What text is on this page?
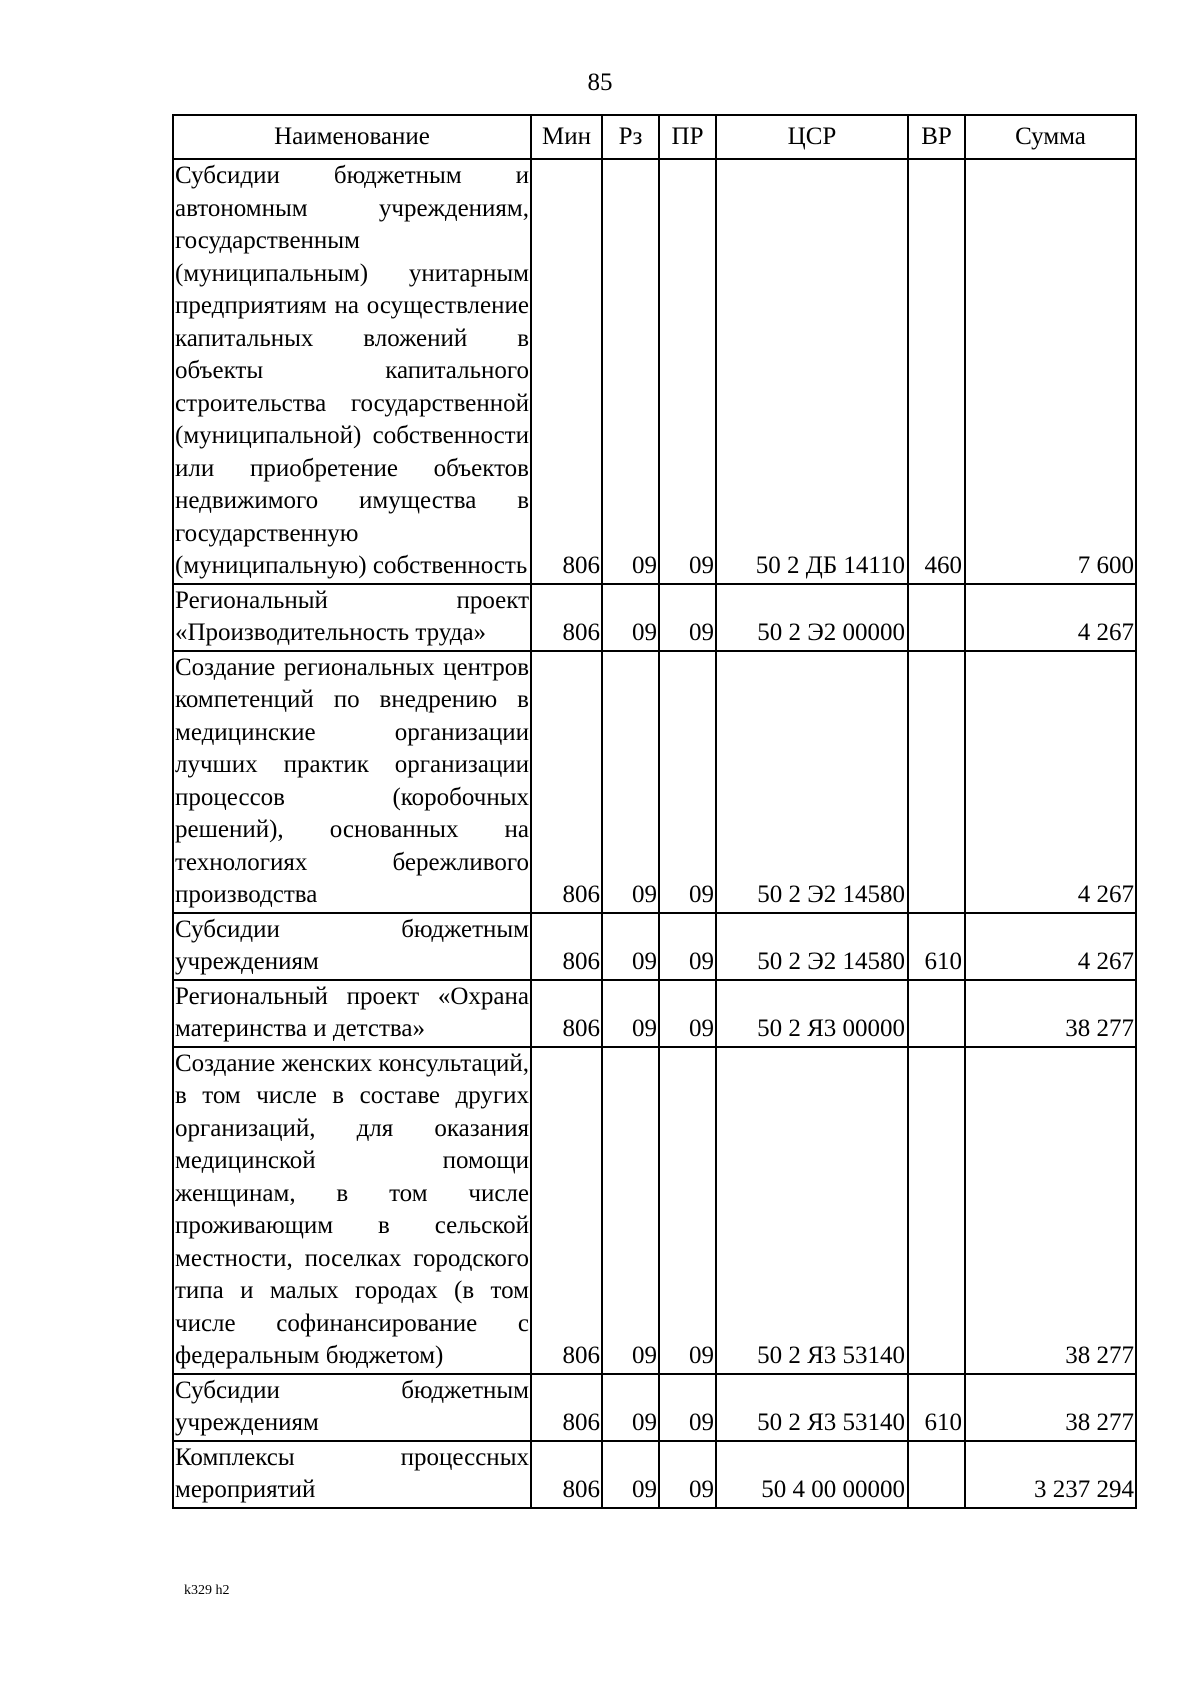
85
Наименование	Мин	Рз	ПР	ЦСР	ВР	Сумма
Субсидии бюджетным и автономным учреждениям, государственным (муниципальным) унитарным предприятиям на осуществление капитальных вложений в объекты капитального строительства государственной (муниципальной) собственности или приобретение объектов недвижимого имущества в государственную (муниципальную) собственность	806	09	09	50 2 ДБ 14110	460	7 600
Региональный проект «Производительность труда»	806	09	09	50 2 Э2 00000		4 267
Создание региональных центров компетенций по внедрению в медицинские организации лучших практик организации процессов (коробочных решений), основанных на технологиях бережливого производства	806	09	09	50 2 Э2 14580		4 267
Субсидии бюджетным учреждениям	806	09	09	50 2 Э2 14580	610	4 267
Региональный проект «Охрана материнства и детства»	806	09	09	50 2 Я3 00000		38 277
Создание женских консультаций, в том числе в составе других организаций, для оказания медицинской помощи женщинам, в том числе проживающим в сельской местности, поселках городского типа и малых городах (в том числе софинансирование с федеральным бюджетом)	806	09	09	50 2 Я3 53140		38 277
Субсидии бюджетным учреждениям	806	09	09	50 2 Я3 53140	610	38 277
Комплексы процессных мероприятий	806	09	09	50 4 00 00000		3 237 294
k329 h2
